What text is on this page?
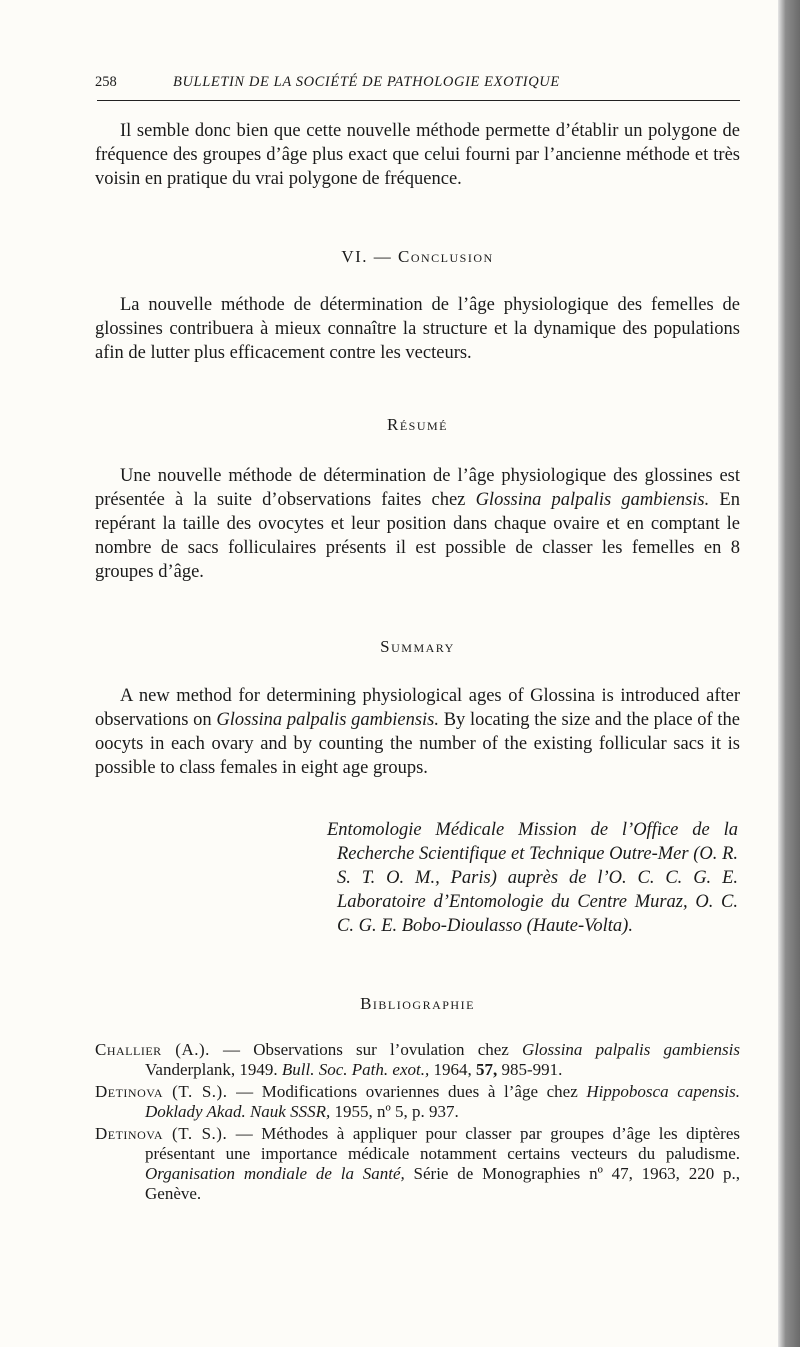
258	BULLETIN DE LA SOCIÉTÉ DE PATHOLOGIE EXOTIQUE

Il semble donc bien que cette nouvelle méthode permette d’établir un polygone de fréquence des groupes d’âge plus exact que celui fourni par l’ancienne méthode et très voisin en pratique du vrai polygone de fréquence.

VI. — Conclusion

La nouvelle méthode de détermination de l’âge physiologique des femelles de glossines contribuera à mieux connaître la structure et la dynamique des populations afin de lutter plus efficacement contre les vecteurs.

Résumé

Une nouvelle méthode de détermination de l’âge physiologique des glossines est présentée à la suite d’observations faites chez Glossina palpalis gambiensis. En repérant la taille des ovocytes et leur position dans chaque ovaire et en comptant le nombre de sacs folliculaires présents il est possible de classer les femelles en 8 groupes d’âge.

Summary

A new method for determining physiological ages of Glossina is introduced after observations on Glossina palpalis gambiensis. By locating the size and the place of the oocyts in each ovary and by counting the number of the existing follicular sacs it is possible to class females in eight age groups.

Entomologie Médicale Mission de l’Office de la Recherche Scientifique et Technique Outre-Mer (O. R. S. T. O. M., Paris) auprès de l’O. C. C. G. E. Laboratoire d’Entomologie du Centre Muraz, O. C. C. G. E. Bobo-Dioulasso (Haute-Volta).

Bibliographie

Challier (A.). — Observations sur l’ovulation chez Glossina palpalis gambiensis Vanderplank, 1949. Bull. Soc. Path. exot., 1964, 57, 985-991.

Detinova (T. S.). — Modifications ovariennes dues à l’âge chez Hippobosca capensis. Doklady Akad. Nauk SSSR, 1955, nº 5, p. 937.

Detinova (T. S.). — Méthodes à appliquer pour classer par groupes d’âge les diptères présentant une importance médicale notamment certains vecteurs du paludisme. Organisation mondiale de la Santé, Série de Monographies nº 47, 1963, 220 p., Genève.
